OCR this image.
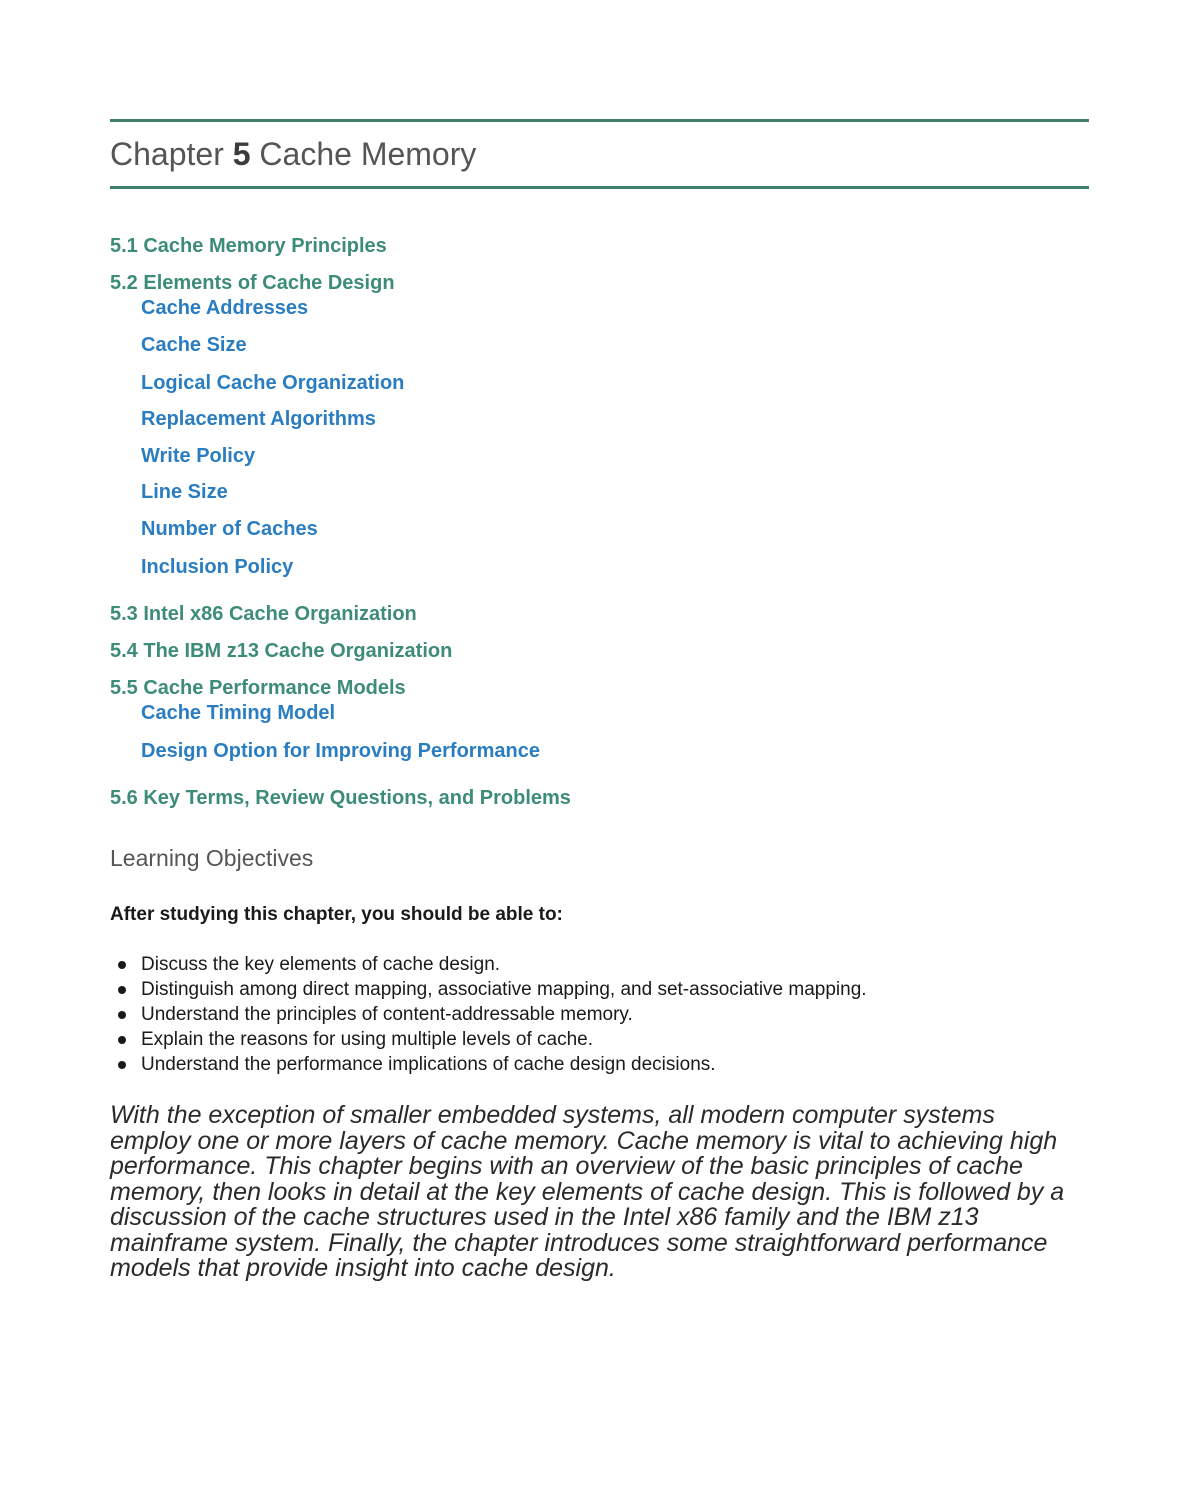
Chapter 5 Cache Memory
5.1 Cache Memory Principles
5.2 Elements of Cache Design
Cache Addresses
Cache Size
Logical Cache Organization
Replacement Algorithms
Write Policy
Line Size
Number of Caches
Inclusion Policy
5.3 Intel x86 Cache Organization
5.4 The IBM z13 Cache Organization
5.5 Cache Performance Models
Cache Timing Model
Design Option for Improving Performance
5.6 Key Terms, Review Questions, and Problems
Learning Objectives
After studying this chapter, you should be able to:
Discuss the key elements of cache design.
Distinguish among direct mapping, associative mapping, and set-associative mapping.
Understand the principles of content-addressable memory.
Explain the reasons for using multiple levels of cache.
Understand the performance implications of cache design decisions.

With the exception of smaller embedded systems, all modern computer systems employ one or more layers of cache memory. Cache memory is vital to achieving high performance. This chapter begins with an overview of the basic principles of cache memory, then looks in detail at the key elements of cache design. This is followed by a discussion of the cache structures used in the Intel x86 family and the IBM z13 mainframe system. Finally, the chapter introduces some straightforward performance models that provide insight into cache design.
